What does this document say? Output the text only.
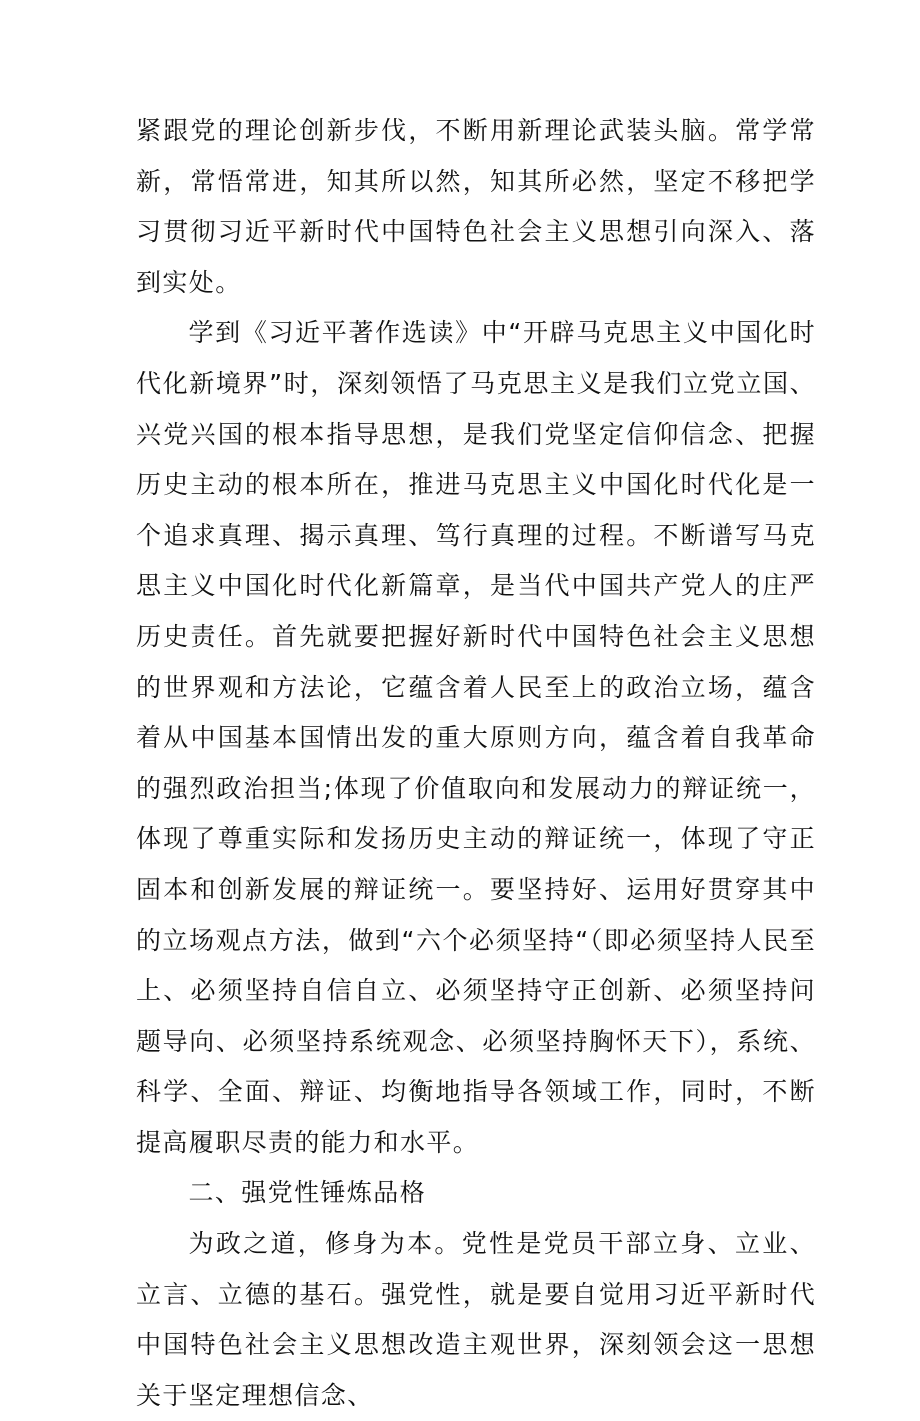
紧跟党的理论创新步伐，不断用新理论武装头脑。常学常新，常悟常进，知其所以然，知其所必然，坚定不移把学习贯彻习近平新时代中国特色社会主义思想引向深入、落到实处。

学到《习近平著作选读》中“开辟马克思主义中国化时代化新境界”时，深刻领悟了马克思主义是我们立党立国、兴党兴国的根本指导思想，是我们党坚定信仰信念、把握历史主动的根本所在，推进马克思主义中国化时代化是一个追求真理、揭示真理、笃行真理的过程。不断谱写马克思主义中国化时代化新篇章，是当代中国共产党人的庄严历史责任。首先就要把握好新时代中国特色社会主义思想的世界观和方法论，它蕴含着人民至上的政治立场，蕴含着从中国基本国情出发的重大原则方向，蕴含着自我革命的强烈政治担当;体现了价值取向和发展动力的辩证统一，体现了尊重实际和发扬历史主动的辩证统一，体现了守正固本和创新发展的辩证统一。要坚持好、运用好贯穿其中的立场观点方法，做到“六个必须坚持“（即必须坚持人民至上、必须坚持自信自立、必须坚持守正创新、必须坚持问题导向、必须坚持系统观念、必须坚持胸怀天下），系统、科学、全面、辩证、均衡地指导各领域工作，同时，不断提高履职尽责的能力和水平。

二、强党性锤炼品格

为政之道，修身为本。党性是党员干部立身、立业、立言、立德的基石。强党性，就是要自觉用习近平新时代中国特色社会主义思想改造主观世界，深刻领会这一思想关于坚定理想信念、
